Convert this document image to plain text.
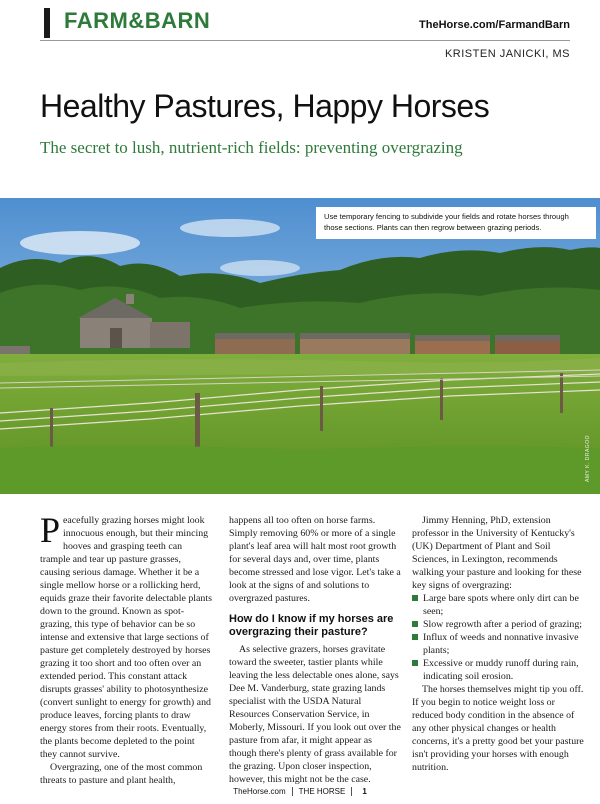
FARM&BARN	TheHorse.com/FarmandBarn
KRISTEN JANICKI, MS
Healthy Pastures, Happy Horses
The secret to lush, nutrient-rich fields: preventing overgrazing
Use temporary fencing to subdivide your fields and rotate horses through those sections. Plants can then regrow between grazing periods.
AMY K. DRAGOO

Peacefully grazing horses might look innocuous enough, but their mincing hooves and grasping teeth can trample and tear up pasture grasses, causing serious damage. Whether it be a single mellow horse or a rollicking herd, equids graze their favorite delectable plants down to the ground. Known as spot-grazing, this type of behavior can be so intense and extensive that large sections of pasture get completely destroyed by horses grazing it too short and too often over an extended period. This constant attack disrupts grasses' ability to photosynthesize (convert sunlight to energy for growth) and produce leaves, forcing plants to draw energy stores from their roots. Eventually, the plants become depleted to the point they cannot survive.

Overgrazing, one of the most common threats to pasture and plant health,

happens all too often on horse farms. Simply removing 60% or more of a single plant's leaf area will halt most root growth for several days and, over time, plants become stressed and lose vigor. Let's take a look at the signs of and solutions to overgrazed pastures.

How do I know if my horses are overgrazing their pasture?

As selective grazers, horses gravitate toward the sweeter, tastier plants while leaving the less delectable ones alone, says Dee M. Vanderburg, state grazing lands specialist with the USDA Natural Resources Conservation Service, in Moberly, Missouri. If you look out over the pasture from afar, it might appear as though there's plenty of grass available for the grazing. Upon closer inspection, however, this might not be the case.

Jimmy Henning, PhD, extension professor in the University of Kentucky's (UK) Department of Plant and Soil Sciences, in Lexington, recommends walking your pasture and looking for these key signs of overgrazing:

Large bare spots where only dirt can be seen;
Slow regrowth after a period of grazing;
Influx of weeds and nonnative invasive plants;
Excessive or muddy runoff during rain, indicating soil erosion.

The horses themselves might tip you off. If you begin to notice weight loss or reduced body condition in the absence of any other physical changes or health concerns, it's a pretty good bet your pasture isn't providing your horses with enough nutrition.

TheHorse.com THE HORSE 1
